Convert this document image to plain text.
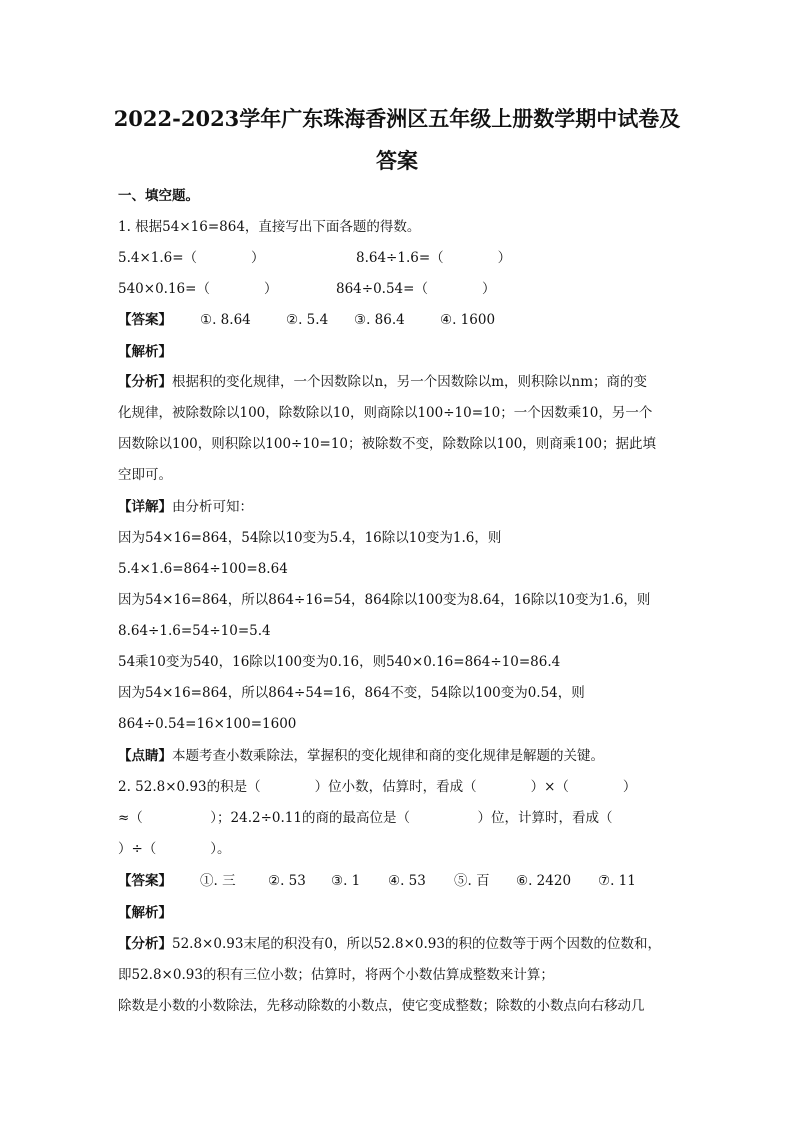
2022-2023学年广东珠海香洲区五年级上册数学期中试卷及
答案

一、填空题。

1. 根据54×16=864，直接写出下面各题的得数。

5.4×1.6=（　　　　）	8.64÷1.6=（　　　　）

540×0.16=（　　　　）	864÷0.54=（　　　　）

【答案】 ①. 8.64	②. 5.4 ③. 86.4	④. 1600

【解析】

【分析】根据积的变化规律，一个因数除以n，另一个因数除以m，则积除以nm；商的变

化规律，被除数除以100，除数除以10，则商除以100÷10=10；一个因数乘10，另一个

因数除以100，则积除以100÷10=10；被除数不变，除数除以100，则商乘100；据此填

空即可。

【详解】由分析可知：

因为54×16=864，54除以10变为5.4，16除以10变为1.6，则

5.4×1.6=864÷100=8.64

因为54×16=864，所以864÷16=54，864除以100变为8.64，16除以10变为1.6，则

8.64÷1.6=54÷10=5.4

54乘10变为540，16除以100变为0.16，则540×0.16=864÷10=86.4

因为54×16=864，所以864÷54=16，864不变，54除以100变为0.54，则

864÷0.54=16×100=1600

【点睛】本题考查小数乘除法，掌握积的变化规律和商的变化规律是解题的关键。

2. 52.8×0.93的积是（　　　　）位小数，估算时，看成（　　　　）×（　　　　）

≈（　　　　　）；24.2÷0.11的商的最高位是（　　　　　）位，计算时，看成（

）÷（　　　　）。

【答案】 ①. 三 ②. 53 ③. 1 ④. 53 ⑤. 百 ⑥. 2420 ⑦. 11

【解析】

【分析】52.8×0.93末尾的积没有0，所以52.8×0.93的积的位数等于两个因数的位数和，

即52.8×0.93的积有三位小数；估算时，将两个小数估算成整数来计算；

除数是小数的小数除法，先移动除数的小数点，使它变成整数；除数的小数点向右移动几
